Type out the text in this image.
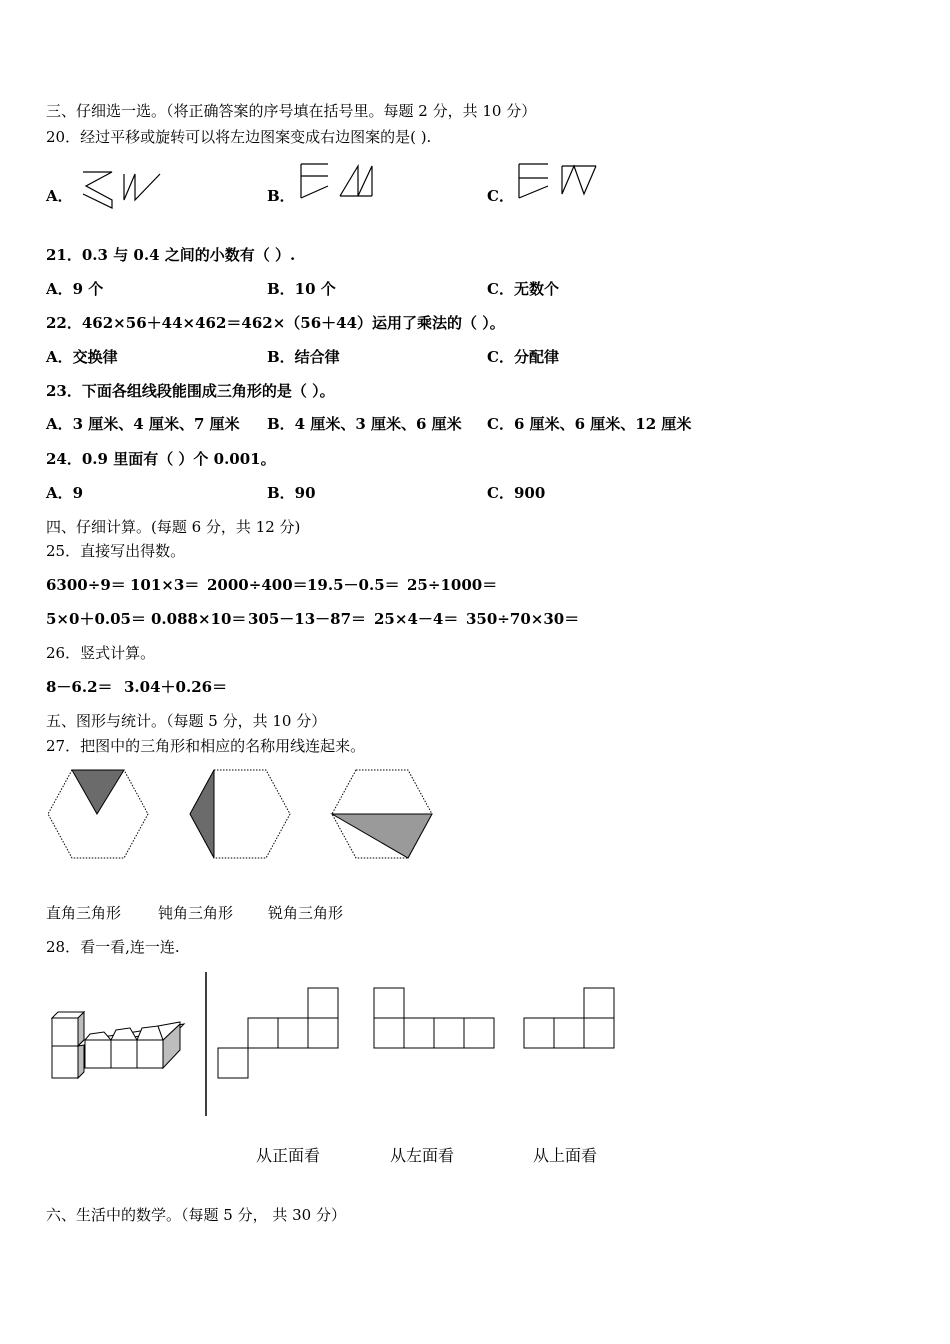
三、仔细选一选。（将正确答案的序号填在括号里。每题 2 分，共 10 分）
20．经过平移或旋转可以将左边图案变成右边图案的是( ).
A．	B．	C．
21．0.3 与 0.4 之间的小数有（ ）.
A．9 个	B．10 个	C．无数个
22．462×56＋44×462＝462×（56＋44）运用了乘法的（ ）。
A．交换律	B．结合律	C．分配律
23．下面各组线段能围成三角形的是（ ）。
A．3 厘米、4 厘米、7 厘米 B．4 厘米、3 厘米、6 厘米 C．6 厘米、6 厘米、12 厘米
24．0.9 里面有（ ）个 0.001。
A．9	B．90	C．900
四、仔细计算。(每题 6 分，共 12 分)
25．直接写出得数。
6300÷9＝ 101×3＝ 2000÷400＝ 19.5－0.5＝ 25÷1000＝
5×0＋0.05＝ 0.088×10＝ 305－13－87＝ 25×4－4＝ 350÷70×30＝
26．竖式计算。
8－6.2＝ 3.04＋0.26＝
五、图形与统计。（每题 5 分，共 10 分）
27．把图中的三角形和相应的名称用线连起来。
直角三角形 钝角三角形 锐角三角形
28．看一看,连一连.
从正面看	从左面看	从上面看
六、生活中的数学。（每题 5 分， 共 30 分）
